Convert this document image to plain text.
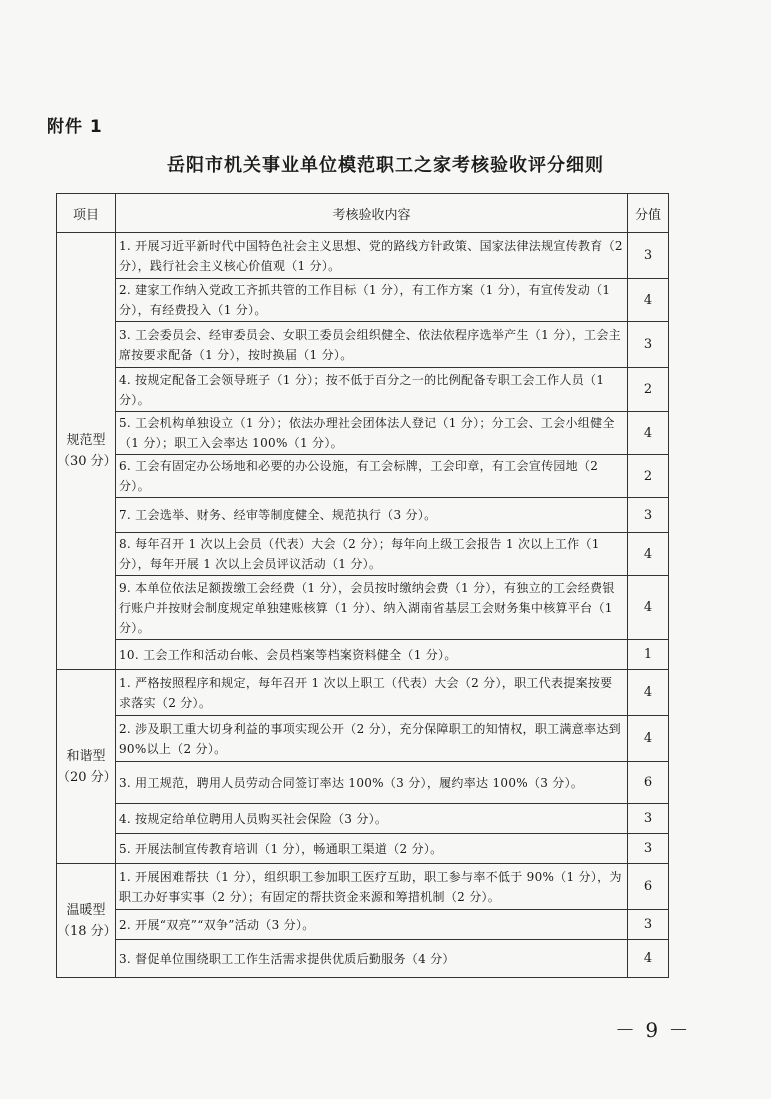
附件 1
岳阳市机关事业单位模范职工之家考核验收评分细则
项目	考核验收内容	分值

规范型
（30 分）	1. 开展习近平新时代中国特色社会主义思想、党的路线方针政策、国家法律法规宣传教育（2 分），践行社会主义核心价值观（1 分）。	3
	2. 建家工作纳入党政工齐抓共管的工作目标（1 分），有工作方案（1 分），有宣传发动（1 分），有经费投入（1 分）。	4
	3. 工会委员会、经审委员会、女职工委员会组织健全、依法依程序选举产生（1 分），工会主席按要求配备（1 分），按时换届（1 分）。	3
	4. 按规定配备工会领导班子（1 分）；按不低于百分之一的比例配备专职工会工作人员（1 分）。	2
	5. 工会机构单独设立（1 分）；依法办理社会团体法人登记（1 分）；分工会、工会小组健全（1 分）；职工入会率达 100%（1 分）。	4
	6. 工会有固定办公场地和必要的办公设施，有工会标牌，工会印章，有工会宣传园地（2 分）。	2
	7. 工会选举、财务、经审等制度健全、规范执行（3 分）。	3
	8. 每年召开 1 次以上会员（代表）大会（2 分）；每年向上级工会报告 1 次以上工作（1 分），每年开展 1 次以上会员评议活动（1 分）。	4
	9. 本单位依法足额拨缴工会经费（1 分），会员按时缴纳会费（1 分），有独立的工会经费银行账户并按财会制度规定单独建账核算（1 分）、纳入湖南省基层工会财务集中核算平台（1 分）。	4
	10. 工会工作和活动台帐、会员档案等档案资料健全（1 分）。	1

和谐型
（20 分）	1. 严格按照程序和规定，每年召开 1 次以上职工（代表）大会（2 分），职工代表提案按要求落实（2 分）。	4
	2. 涉及职工重大切身利益的事项实现公开（2 分），充分保障职工的知情权，职工满意率达到 90%以上（2 分）。	4
	3. 用工规范，聘用人员劳动合同签订率达 100%（3 分），履约率达 100%（3 分）。	6
	4. 按规定给单位聘用人员购买社会保险（3 分）。	3
	5. 开展法制宣传教育培训（1 分），畅通职工渠道（2 分）。	3

温暖型
（18 分）	1. 开展困难帮扶（1 分），组织职工参加职工医疗互助，职工参与率不低于 90%（1 分），为职工办好事实事（2 分）；有固定的帮扶资金来源和筹措机制（2 分）。	6
	2. 开展“双亮”“双争”活动（3 分）。	3
	3. 督促单位围绕职工工作生活需求提供优质后勤服务（4 分）	4
－ 9 －
